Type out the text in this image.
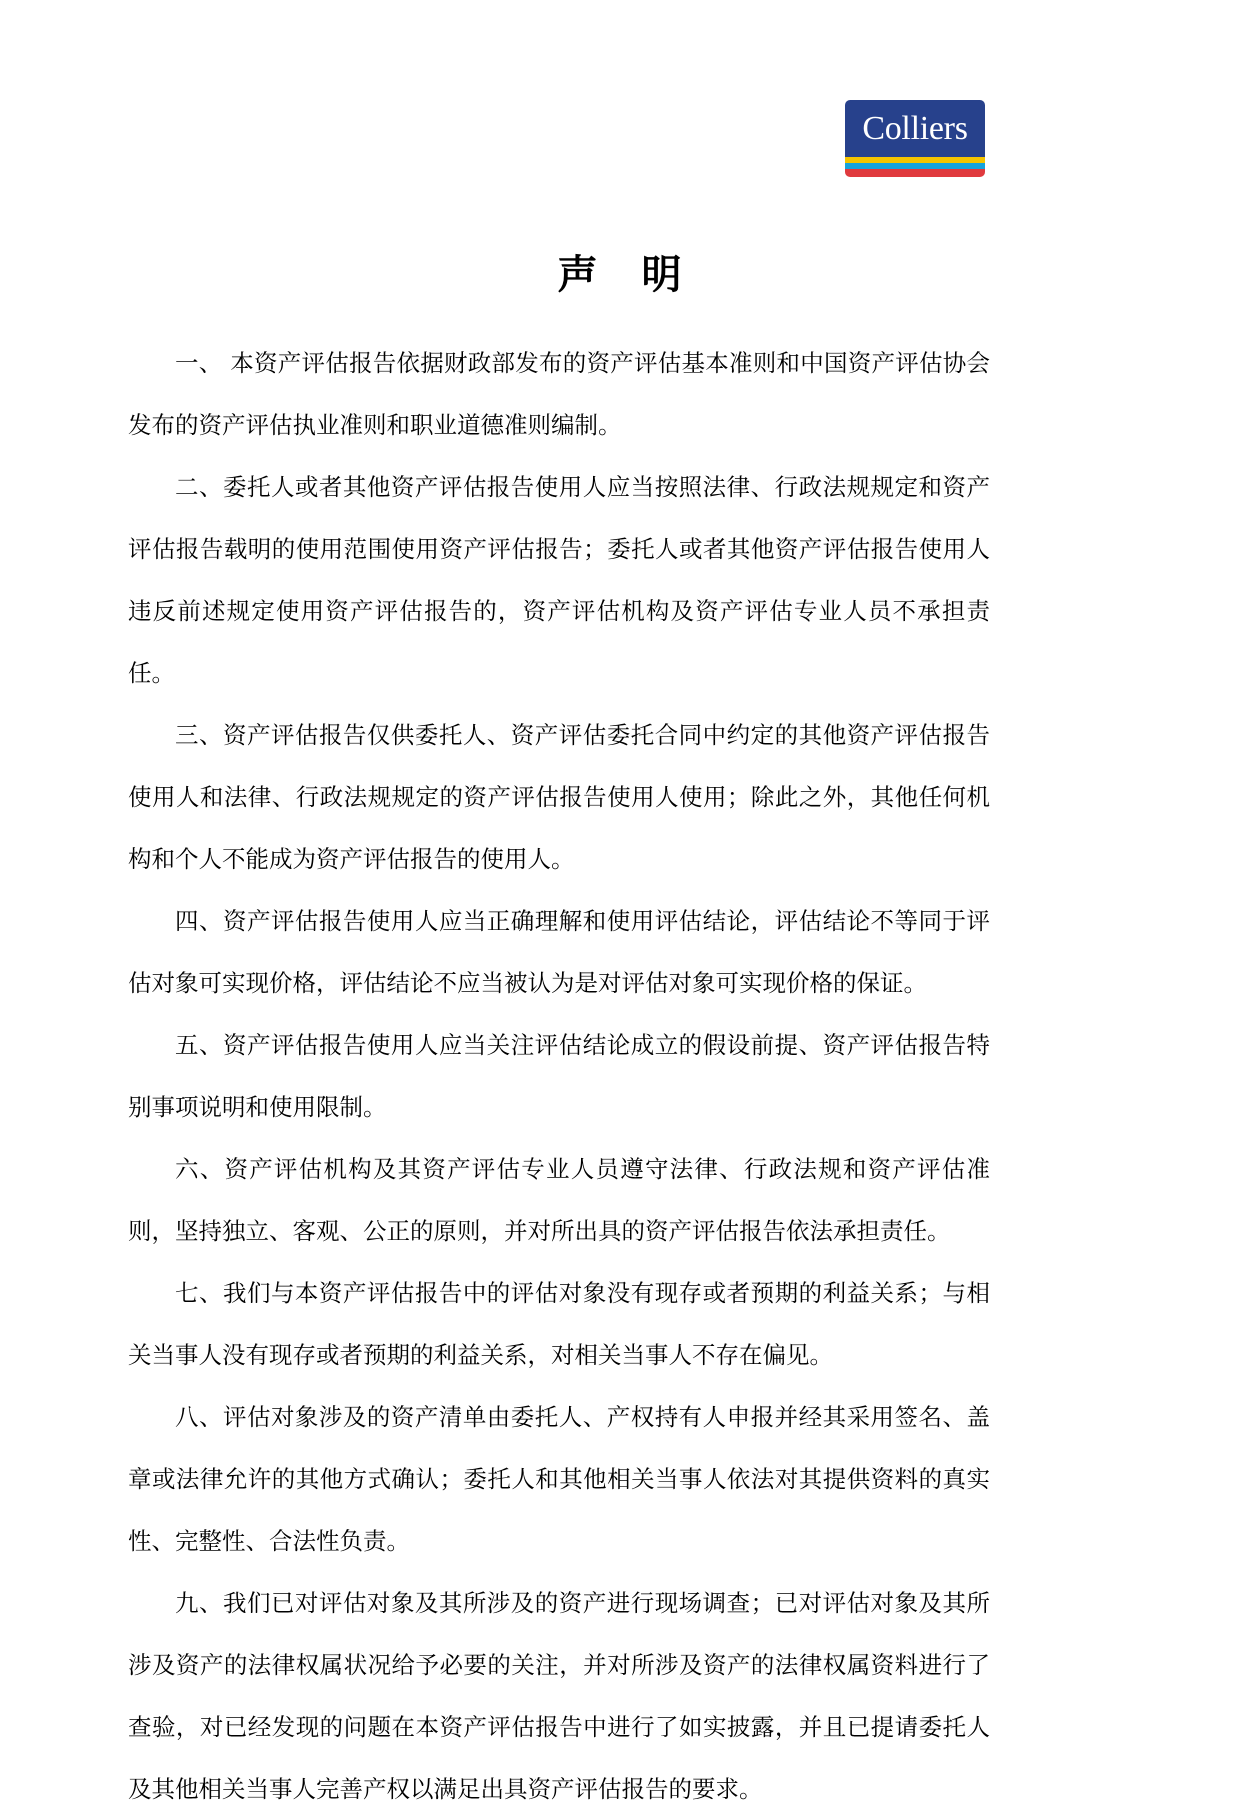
Colliers
声　明

一、 本资产评估报告依据财政部发布的资产评估基本准则和中国资产评估协会发布的资产评估执业准则和职业道德准则编制。

二、委托人或者其他资产评估报告使用人应当按照法律、行政法规规定和资产评估报告载明的使用范围使用资产评估报告；委托人或者其他资产评估报告使用人违反前述规定使用资产评估报告的，资产评估机构及资产评估专业人员不承担责任。

三、资产评估报告仅供委托人、资产评估委托合同中约定的其他资产评估报告使用人和法律、行政法规规定的资产评估报告使用人使用；除此之外，其他任何机构和个人不能成为资产评估报告的使用人。

四、资产评估报告使用人应当正确理解和使用评估结论，评估结论不等同于评估对象可实现价格，评估结论不应当被认为是对评估对象可实现价格的保证。

五、资产评估报告使用人应当关注评估结论成立的假设前提、资产评估报告特别事项说明和使用限制。

六、资产评估机构及其资产评估专业人员遵守法律、行政法规和资产评估准则，坚持独立、客观、公正的原则，并对所出具的资产评估报告依法承担责任。

七、我们与本资产评估报告中的评估对象没有现存或者预期的利益关系；与相关当事人没有现存或者预期的利益关系，对相关当事人不存在偏见。

八、评估对象涉及的资产清单由委托人、产权持有人申报并经其采用签名、盖章或法律允许的其他方式确认；委托人和其他相关当事人依法对其提供资料的真实性、完整性、合法性负责。

九、我们已对评估对象及其所涉及的资产进行现场调查；已对评估对象及其所涉及资产的法律权属状况给予必要的关注，并对所涉及资产的法律权属资料进行了查验，对已经发现的问题在本资产评估报告中进行了如实披露，并且已提请委托人及其他相关当事人完善产权以满足出具资产评估报告的要求。
